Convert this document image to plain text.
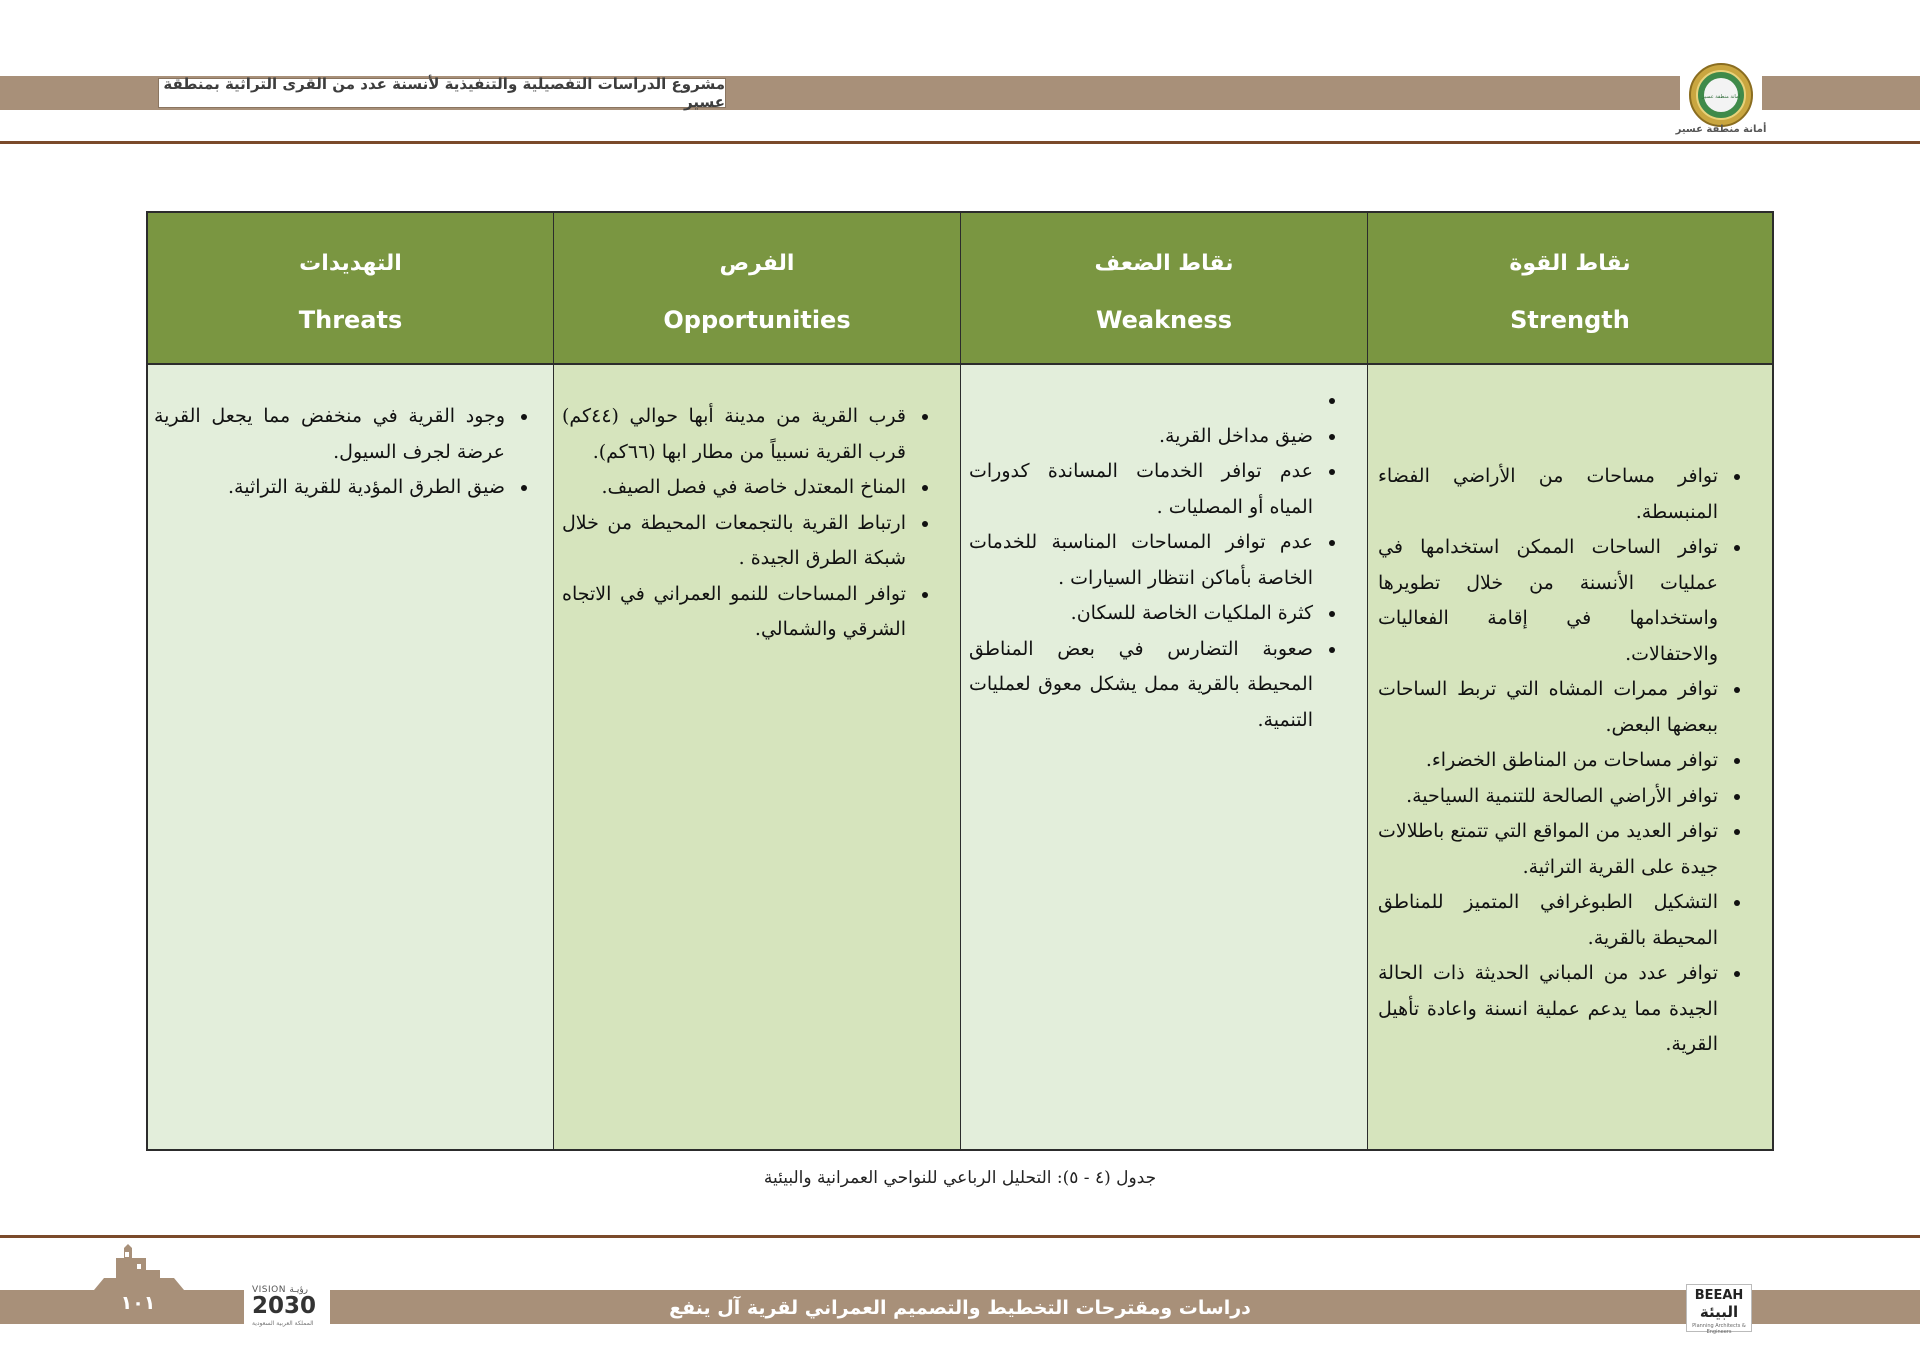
مشروع الدراسات التفصيلية والتنفيذية لأنسنة عدد من القرى التراثية بمنطقة عسير	أمانة منطقة عسير
أمانة منطقة عسير
التهديدات
Threats
• وجود القرية في منخفض مما يجعل القرية عرضة لجرف السيول.
• ضيق الطرق المؤدية للقرية التراثية.
الفرص
Opportunities
• قرب القرية من مدينة أبها حوالي (٤٤كم) قرب القرية نسبياً من مطار ابها (٦٦كم).
• المناخ المعتدل خاصة في فصل الصيف.
• ارتباط القرية بالتجمعات المحيطة من خلال شبكة الطرق الجيدة .
• توافر المساحات للنمو العمراني في الاتجاه الشرقي والشمالي.
نقاط الضعف
Weakness
•
• ضيق مداخل القرية.
• عدم توافر الخدمات المساندة كدورات المياه أو المصليات .
• عدم توافر المساحات المناسبة للخدمات الخاصة بأماكن انتظار السيارات .
• كثرة الملكيات الخاصة للسكان.
• صعوبة التضارس في بعض المناطق المحيطة بالقرية ممل يشكل معوق لعمليات التنمية.
نقاط القوة
Strength
• توافر مساحات من الأراضي الفضاء المنبسطة.
• توافر الساحات الممكن استخدامها في عمليات الأنسنة من خلال تطويرها واستخدامها في إقامة الفعاليات والاحتفالات.
• توافر ممرات المشاه التي تربط الساحات ببعضها البعض.
• توافر مساحات من المناطق الخضراء.
• توافر الأراضي الصالحة للتنمية السياحية.
• توافر العديد من المواقع التي تتمتع باطلالات جيدة على القرية التراثية.
• التشكيل الطبوغرافي المتميز للمناطق المحيطة بالقرية.
• توافر عدد من المباني الحديثة ذات الحالة الجيدة مما يدعم عملية انسنة واعادة تأهيل القرية.
جدول (٤ - ٥): التحليل الرباعي للنواحي العمرانية والبيئية
١٠١
VISION رؤيـة
2030
المملكة العربية السعودية
دراسات ومقترحات التخطيط والتصميم العمراني لقرية آل ينفع
BEEAH
البيئة
Planning Architects & Engineers
